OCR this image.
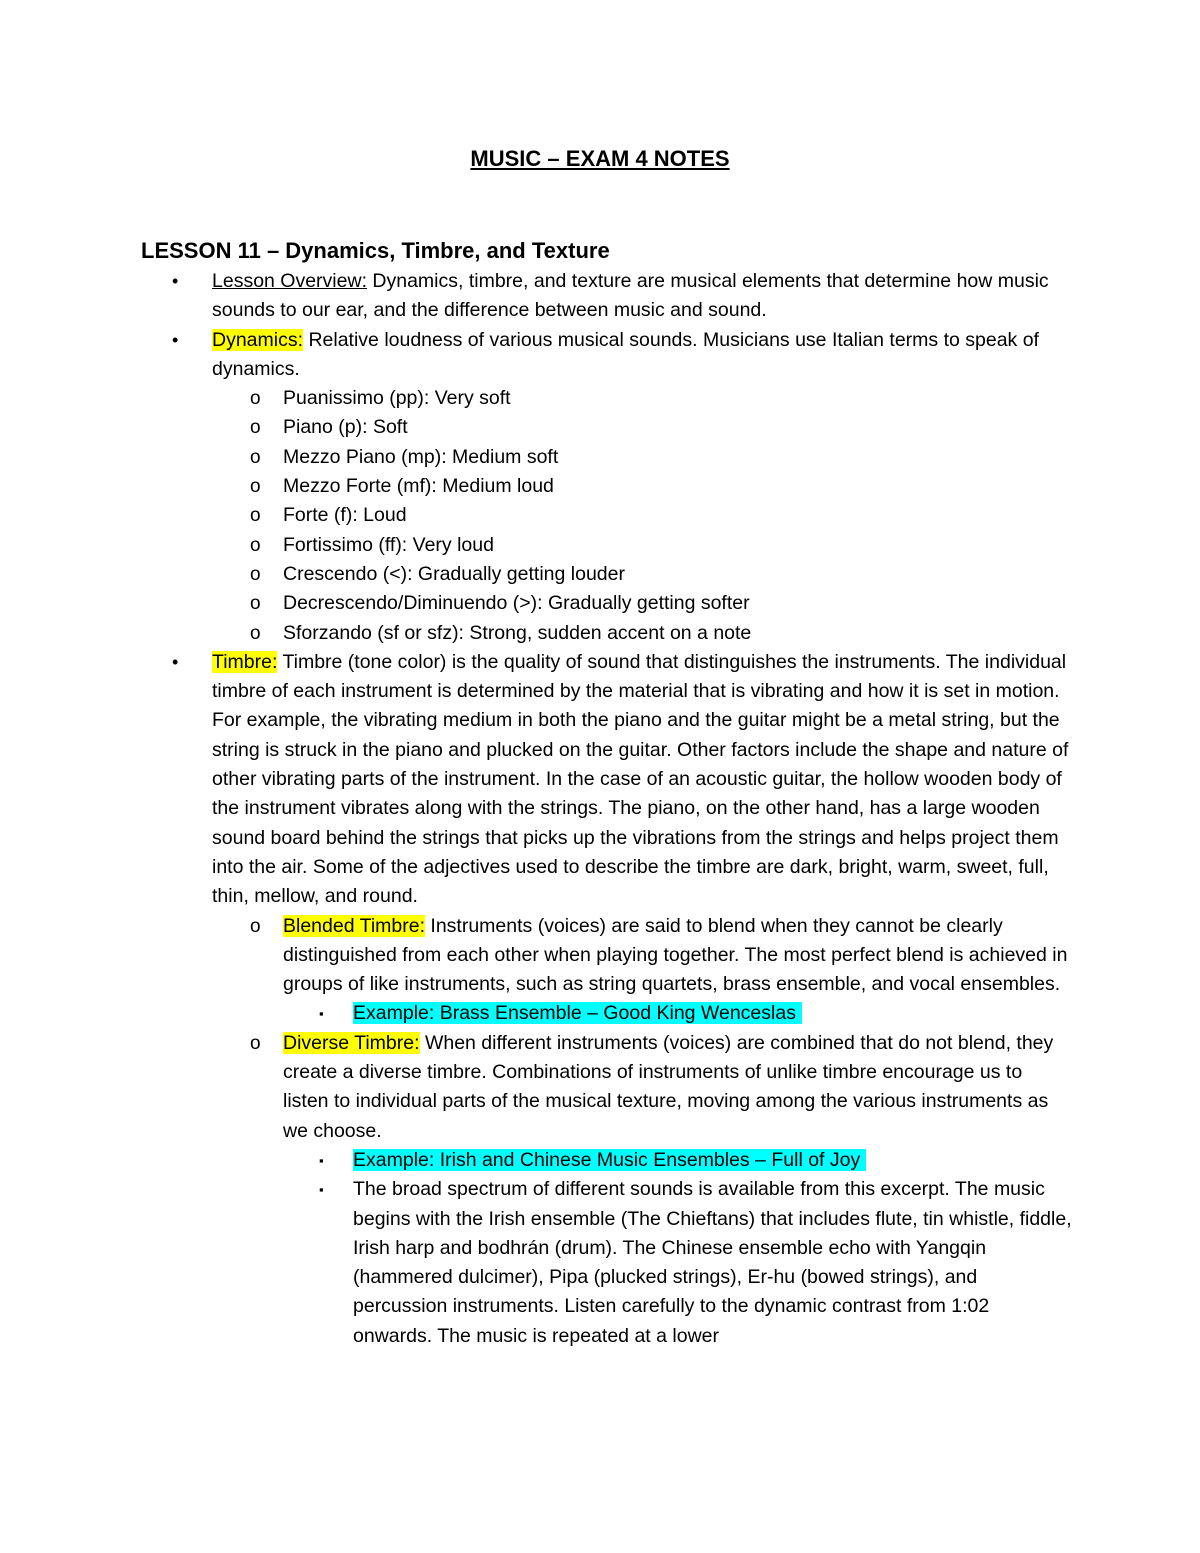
MUSIC – EXAM 4 NOTES
LESSON 11 – Dynamics, Timbre, and Texture
• Lesson Overview: Dynamics, timbre, and texture are musical elements that determine how music sounds to our ear, and the difference between music and sound.
• Dynamics: Relative loudness of various musical sounds. Musicians use Italian terms to speak of dynamics.
o Puanissimo (pp): Very soft
o Piano (p): Soft
o Mezzo Piano (mp): Medium soft
o Mezzo Forte (mf): Medium loud
o Forte (f): Loud
o Fortissimo (ff): Very loud
o Crescendo (<): Gradually getting louder
o Decrescendo/Diminuendo (>): Gradually getting softer
o Sforzando (sf or sfz): Strong, sudden accent on a note
• Timbre: Timbre (tone color) is the quality of sound that distinguishes the instruments. The individual timbre of each instrument is determined by the material that is vibrating and how it is set in motion. For example, the vibrating medium in both the piano and the guitar might be a metal string, but the string is struck in the piano and plucked on the guitar. Other factors include the shape and nature of other vibrating parts of the instrument. In the case of an acoustic guitar, the hollow wooden body of the instrument vibrates along with the strings. The piano, on the other hand, has a large wooden sound board behind the strings that picks up the vibrations from the strings and helps project them into the air. Some of the adjectives used to describe the timbre are dark, bright, warm, sweet, full, thin, mellow, and round.
o Blended Timbre: Instruments (voices) are said to blend when they cannot be clearly distinguished from each other when playing together. The most perfect blend is achieved in groups of like instruments, such as string quartets, brass ensemble, and vocal ensembles.
▪ Example: Brass Ensemble – Good King Wenceslas
o Diverse Timbre: When different instruments (voices) are combined that do not blend, they create a diverse timbre. Combinations of instruments of unlike timbre encourage us to listen to individual parts of the musical texture, moving among the various instruments as we choose.
▪ Example: Irish and Chinese Music Ensembles – Full of Joy
▪ The broad spectrum of different sounds is available from this excerpt. The music begins with the Irish ensemble (The Chieftans) that includes flute, tin whistle, fiddle, Irish harp and bodhrán (drum). The Chinese ensemble echo with Yangqin (hammered dulcimer), Pipa (plucked strings), Er-hu (bowed strings), and percussion instruments. Listen carefully to the dynamic contrast from 1:02 onwards. The music is repeated at a lower
